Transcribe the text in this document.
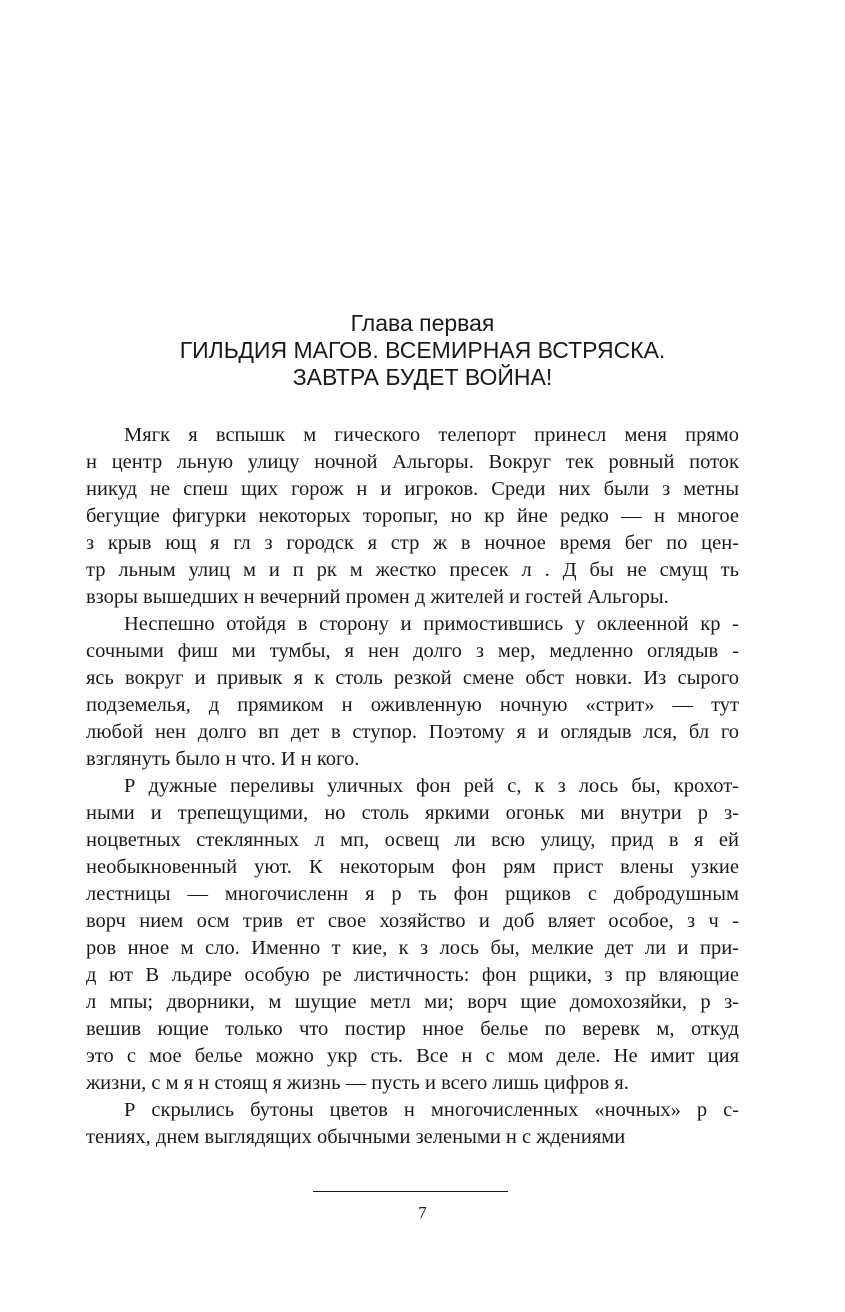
Глава первая
ГИЛЬДИЯ МАГОВ. ВСЕМИРНАЯ ВСТРЯСКА.
ЗАВТРА БУДЕТ ВОЙНА!
Мягк я вспышк м гического телепорт принесл меня прямо
н центр льную улицу ночной Альгоры. Вокруг тек ровный поток
никуд не спеш щих горож н и игроков. Среди них были з метны
бегущие фигурки некоторых торопыг, но кр йне редко — н многое
з крыв ющ я гл з городск я стр ж в ночное время бег по цен-
тр льным улиц м и п рк м жестко пресек л . Д бы не смущ ть
взоры вышедших н вечерний промен д жителей и гостей Альгоры.
Неспешно отойдя в сторону и примостившись у оклеенной кр -
сочными фиш ми тумбы, я нен долго з мер, медленно оглядыв -
ясь вокруг и привык я к столь резкой смене обст новки. Из сырого
подземелья, д прямиком н оживленную ночную «стрит» — тут
любой нен долго вп дет в ступор. Поэтому я и оглядыв лся, бл го
взглянуть было н что. И н кого.
Р дужные переливы уличных фон рей с, к з лось бы, крохот-
ными и трепещущими, но столь яркими огоньк ми внутри р з-
ноцветных стеклянных л мп, освещ ли всю улицу, прид в я ей
необыкновенный уют. К некоторым фон рям прист влены узкие
лестницы — многочисленн я р ть фон рщиков с добродушным
ворч нием осм трив ет свое хозяйство и доб вляет особое, з ч -
ров нное м сло. Именно т кие, к з лось бы, мелкие дет ли и при-
д ют В льдире особую ре листичность: фон рщики, з пр вляющие
л мпы; дворники, м шущие метл ми; ворч щие домохозяйки, р з-
вешив ющие только что постир нное белье по веревк м, откуд
это с мое белье можно укр сть. Все н с мом деле. Не имит ция
жизни, с м я н стоящ я жизнь — пусть и всего лишь цифров я.
Р скрылись бутоны цветов н многочисленных «ночных» р с-
тениях, днем выглядящих обычными зелеными н с ждениями
7
